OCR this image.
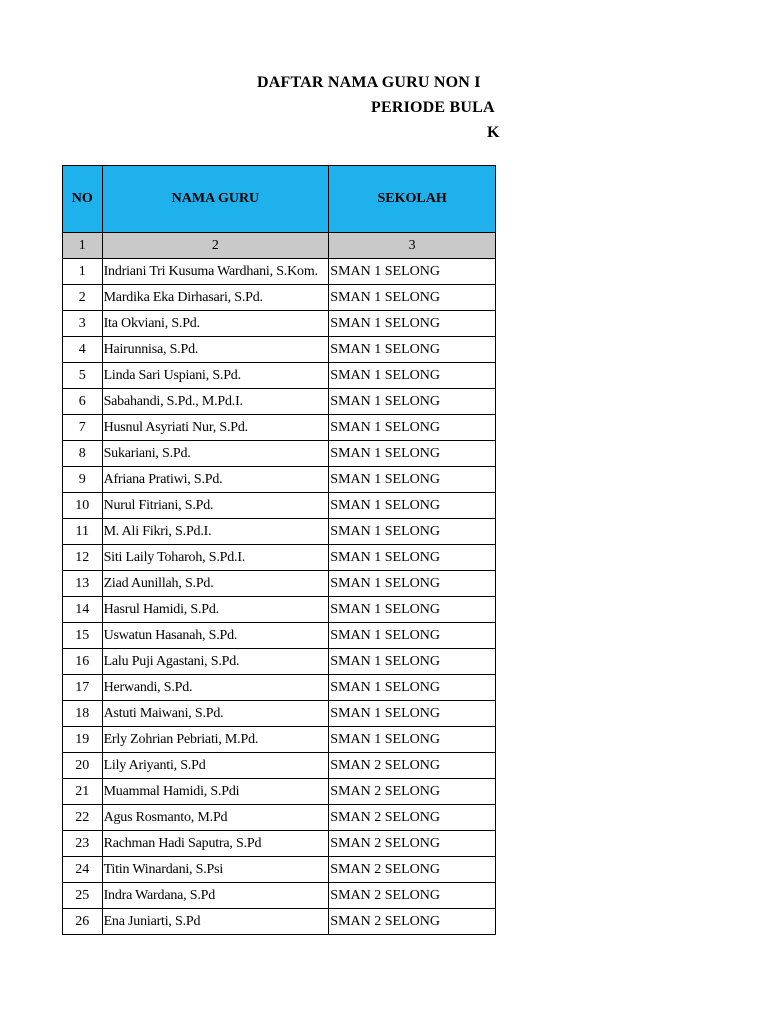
DAFTAR NAMA GURU NON I
PERIODE BULA
K
NO	NAMA GURU	SEKOLAH
1	2	3
1	Indriani Tri Kusuma Wardhani, S.Kom.	SMAN 1 SELONG
2	Mardika Eka Dirhasari, S.Pd.	SMAN 1 SELONG
3	Ita Okviani, S.Pd.	SMAN 1 SELONG
4	Hairunnisa, S.Pd.	SMAN 1 SELONG
5	Linda Sari Uspiani, S.Pd.	SMAN 1 SELONG
6	Sabahandi, S.Pd., M.Pd.I.	SMAN 1 SELONG
7	Husnul Asyriati Nur, S.Pd.	SMAN 1 SELONG
8	Sukariani, S.Pd.	SMAN 1 SELONG
9	Afriana Pratiwi, S.Pd.	SMAN 1 SELONG
10	Nurul Fitriani, S.Pd.	SMAN 1 SELONG
11	M. Ali Fikri, S.Pd.I.	SMAN 1 SELONG
12	Siti Laily Toharoh, S.Pd.I.	SMAN 1 SELONG
13	Ziad Aunillah, S.Pd.	SMAN 1 SELONG
14	Hasrul Hamidi, S.Pd.	SMAN 1 SELONG
15	Uswatun Hasanah, S.Pd.	SMAN 1 SELONG
16	Lalu Puji Agastani, S.Pd.	SMAN 1 SELONG
17	Herwandi, S.Pd.	SMAN 1 SELONG
18	Astuti Maiwani, S.Pd.	SMAN 1 SELONG
19	Erly Zohrian Pebriati, M.Pd.	SMAN 1 SELONG
20	Lily Ariyanti, S.Pd	SMAN 2 SELONG
21	Muammal Hamidi, S.Pdi	SMAN 2 SELONG
22	Agus Rosmanto, M.Pd	SMAN 2 SELONG
23	Rachman Hadi Saputra, S.Pd	SMAN 2 SELONG
24	Titin Winardani, S.Psi	SMAN 2 SELONG
25	Indra Wardana, S.Pd	SMAN 2 SELONG
26	Ena Juniarti, S.Pd	SMAN 2 SELONG
